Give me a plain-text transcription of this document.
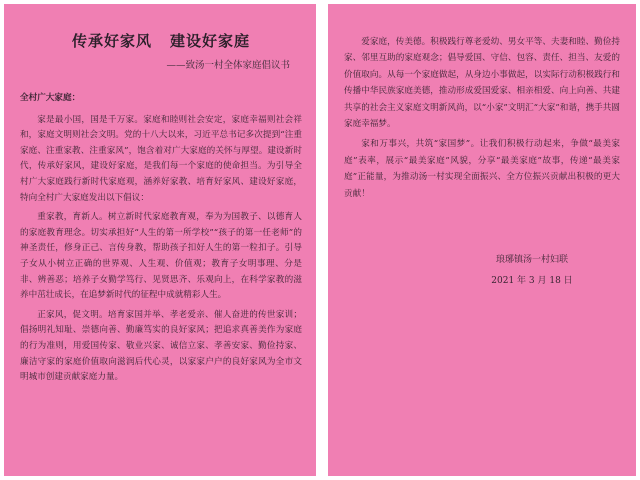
传承好家风 建设好家庭
——致汤一村全体家庭倡议书

全村广大家庭：

家是最小国，国是千万家。家庭和睦则社会安定，家庭幸福则社会祥和，家庭文明则社会文明。党的十八大以来，习近平总书记多次提到“注重家庭、注重家教、注重家风”，饱含着对广大家庭的关怀与厚望。建设新时代，传承好家风，建设好家庭，是我们每一个家庭的使命担当。为引导全村广大家庭践行新时代家庭观，涵养好家教、培育好家风、建设好家庭，特向全村广大家庭发出以下倡议：

重家教，育新人。树立新时代家庭教育观，奉为为国教子、以德育人的家庭教育理念。切实承担好“人生的第一所学校”“孩子的第一任老师”的神圣责任，修身正己、言传身教，帮助孩子扣好人生的第一粒扣子。引导子女从小树立正确的世界观、人生观、价值观；教育子女明事理、分是非、辨善恶；培养子女勤学笃行、见贤思齐、乐观向上，在科学家教的滋养中茁壮成长，在追梦新时代的征程中成就精彩人生。

正家风，促文明。培育家国并举、孝老爱亲、催人奋进的传世家训；倡扬明礼知耻、崇德向善、勤廉笃实的良好家风；把追求真善美作为家庭的行为准则，用爱国传家、敬业兴家、诚信立家、孝善安家、勤俭持家、廉洁守家的家庭价值取向滋润后代心灵，以家家户户的良好家风为全市文明城市创建贡献家庭力量。

爱家庭，传美德。积极践行尊老爱幼、男女平等、夫妻和睦、勤俭持家、邻里互助的家庭观念；倡导爱国、守信、包容、责任、担当、友爱的价值取向。从每一个家庭做起，从身边小事做起，以实际行动积极践行和传播中华民族家庭美德，推动形成爱国爱家、相亲相爱、向上向善、共建共享的社会主义家庭文明新风尚，以“小家”文明汇“大家”和谐，携手共圆家庭幸福梦。

家和万事兴，共筑“家国梦”。让我们积极行动起来，争做“最美家庭”表率，展示“最美家庭”风貌，分享“最美家庭”故事，传递“最美家庭”正能量，为推动汤一村实现全面振兴、全方位振兴贡献出积极的更大贡献！

琅琊镇汤一村妇联
2021 年 3 月 18 日
